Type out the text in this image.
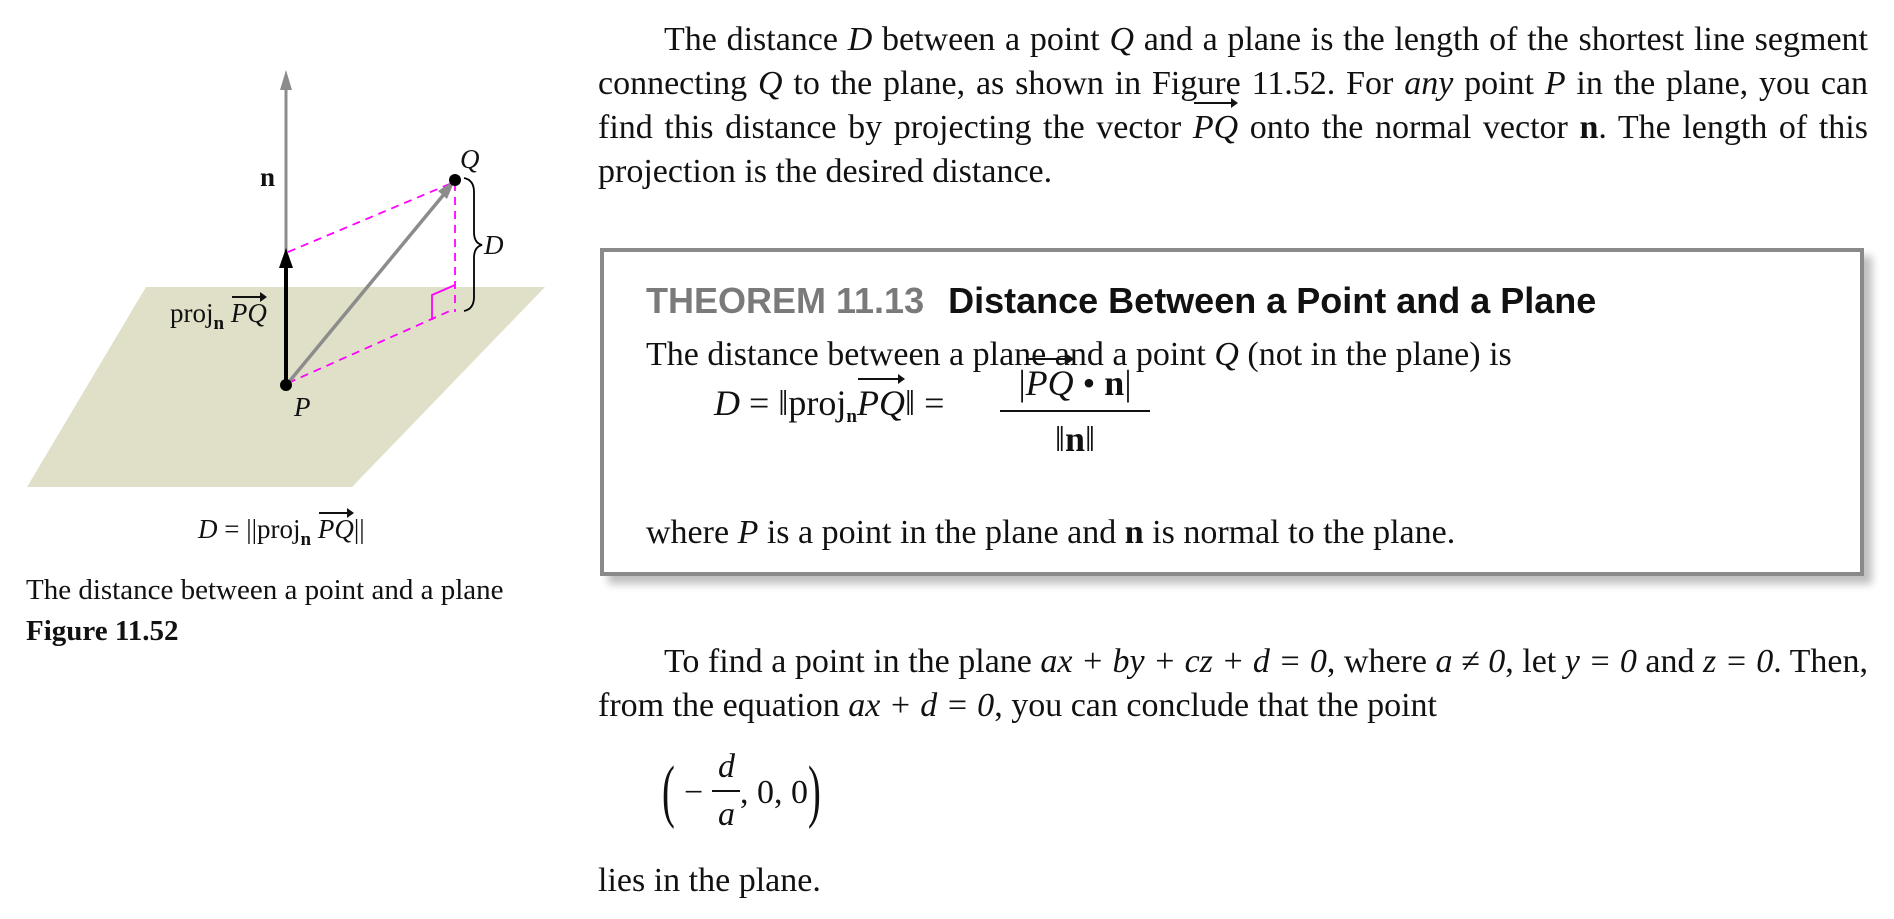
n
Q
D
P
proj$_n$ PQ
D = ||proj$_n$ PQ||
The distance between a point and a plane
Figure 11.52
The distance D between a point Q and a plane is the length of the shortest line segment connecting Q to the plane, as shown in Figure 11.52. For any point P in the plane, you can find this distance by projecting the vector PQ onto the normal vector n. The length of this projection is the desired distance.
THEOREM 11.13 Distance Between a Point and a Plane
The distance between a plane and a point Q (not in the plane) is
D = ‖projnPQ‖ = $\frac{|PQ • n|}{‖n‖}$
where P is a point in the plane and n is normal to the plane.
To find a point in the plane ax + by + cz + d = 0, where a ≠ 0, let y = 0 and z = 0. Then, from the equation ax + d = 0, you can conclude that the point
( −
d
a
, 0, 0 )
lies in the plane.
